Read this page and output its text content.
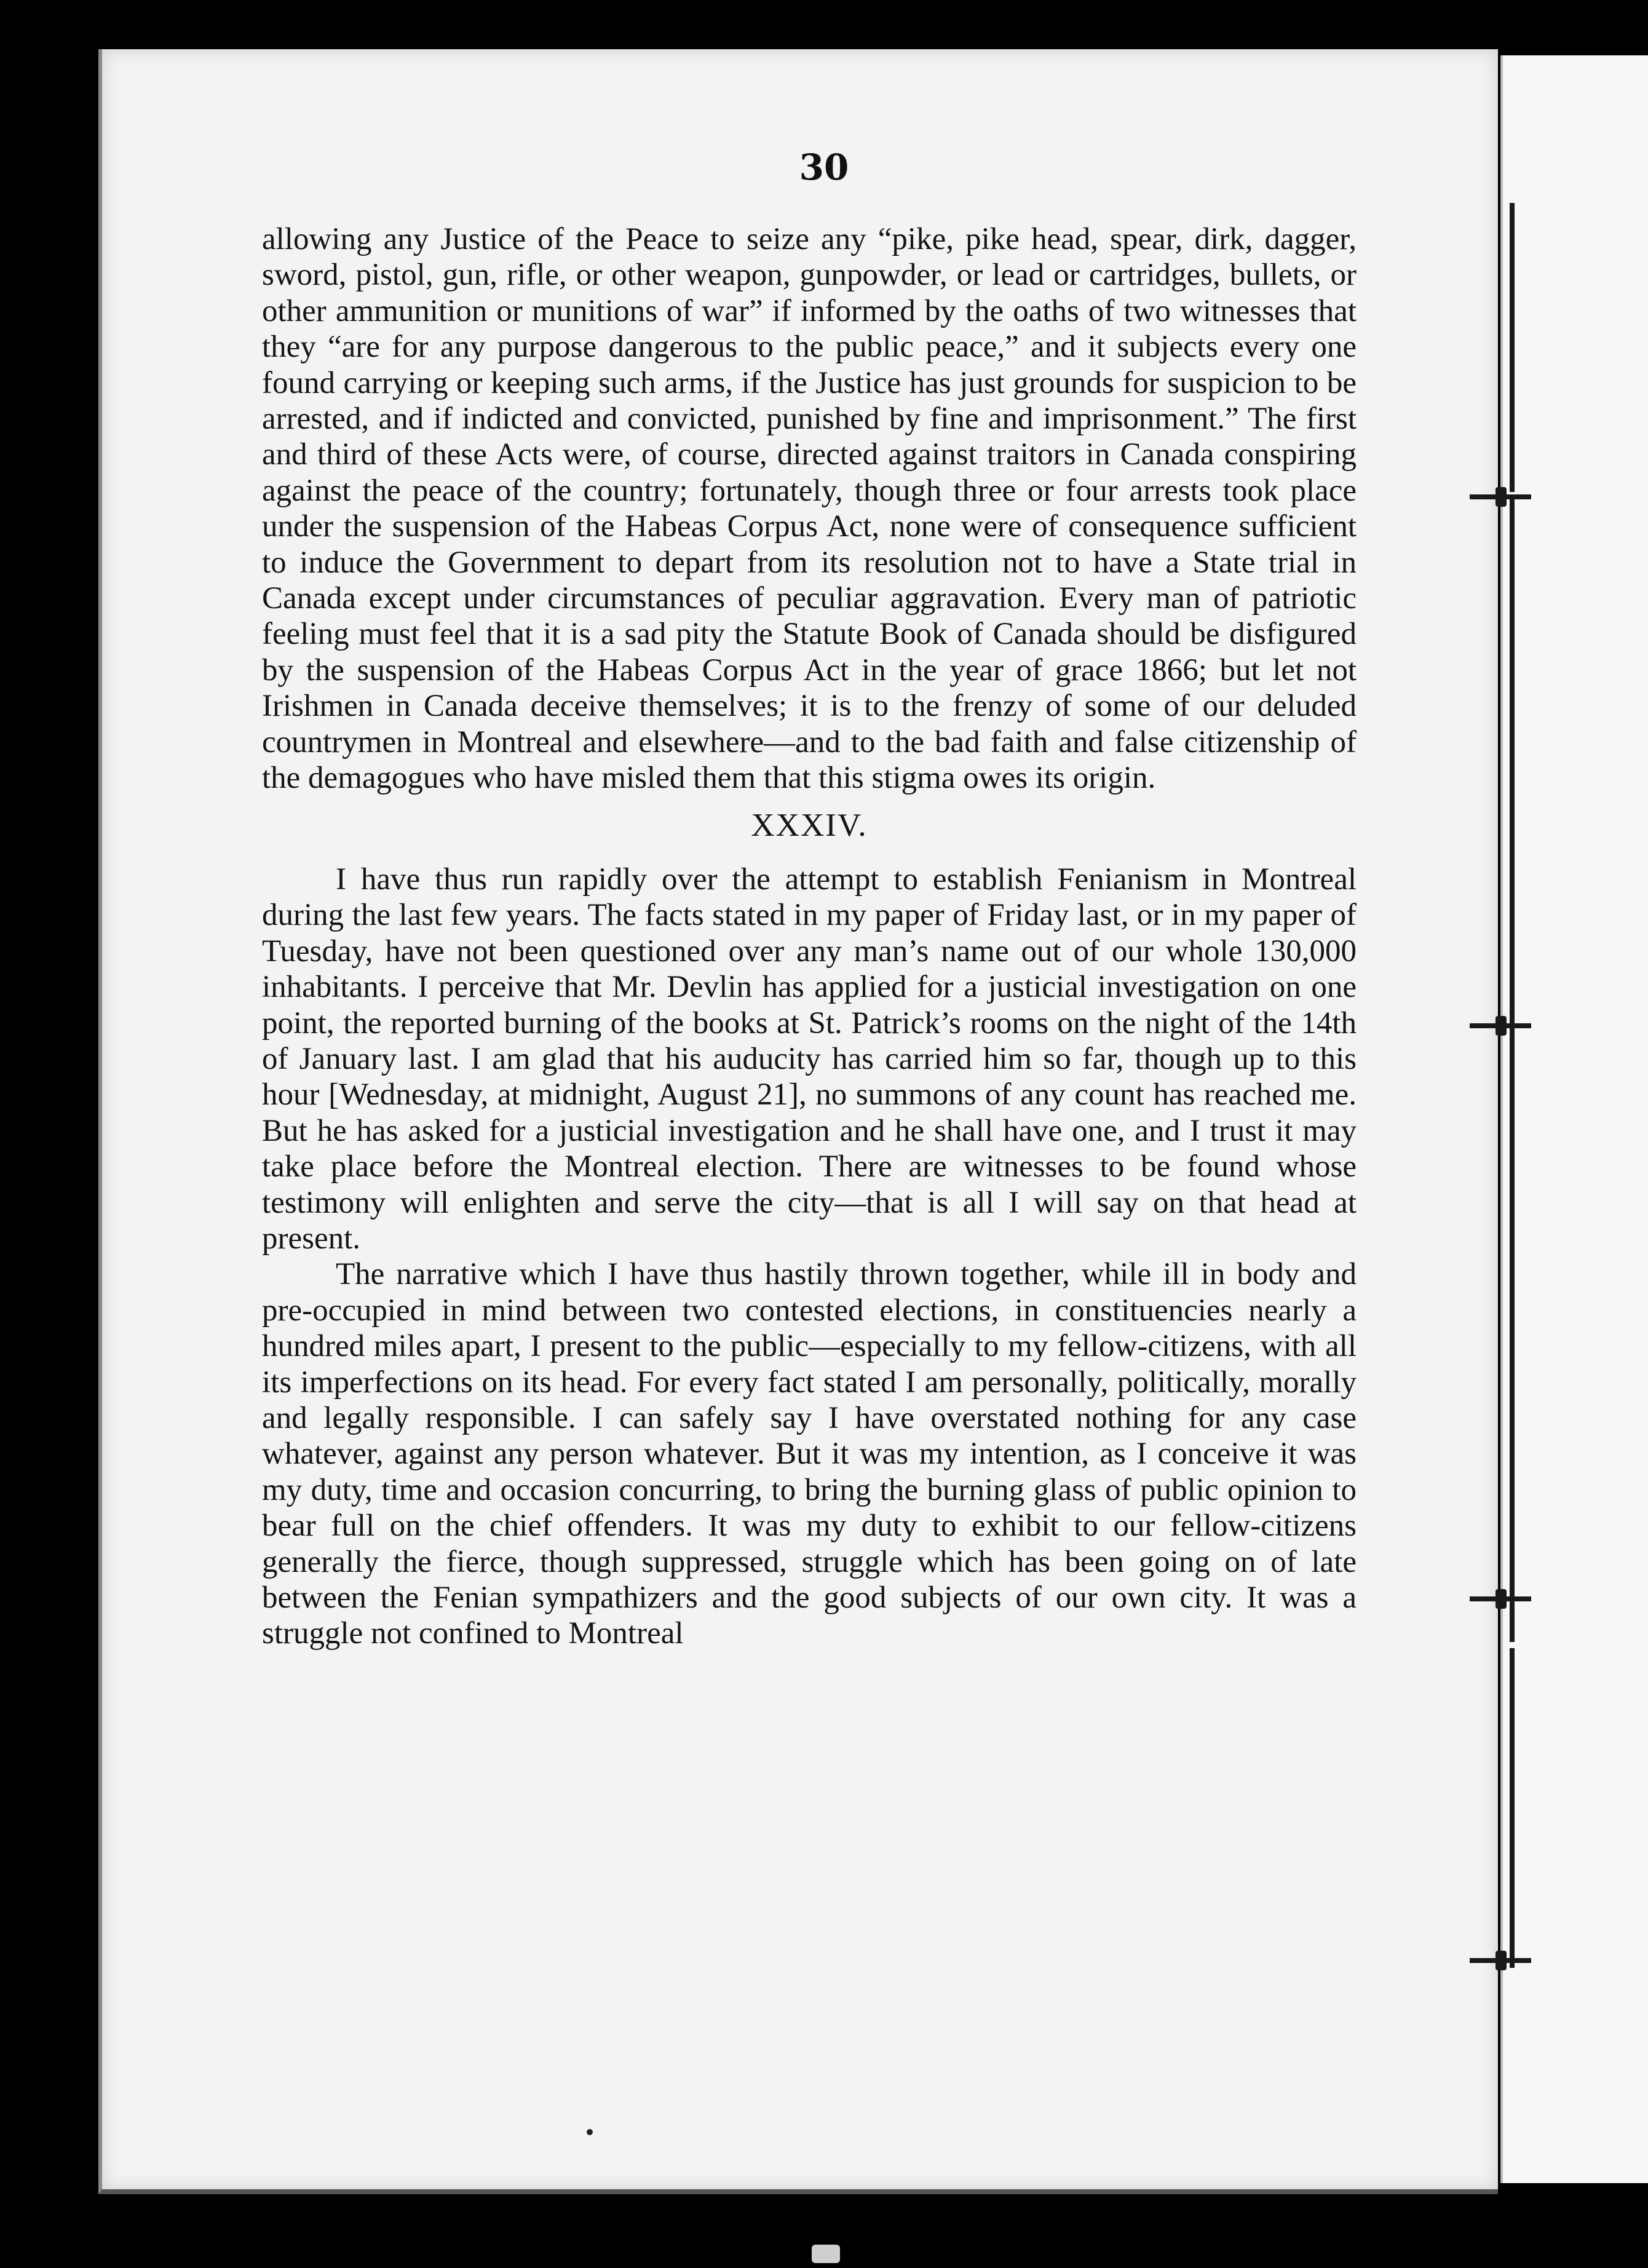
30

allowing any Justice of the Peace to seize any “pike, pike head, spear, dirk, dagger, sword, pistol, gun, rifle, or other weapon, gunpowder, or lead or cartridges, bullets, or other ammunition or munitions of war” if informed by the oaths of two witnesses that they “are for any purpose dangerous to the public peace,” and it subjects every one found carrying or keeping such arms, if the Justice has just grounds for suspicion to be arrested, and if indicted and convicted, punished by fine and imprisonment.” The first and third of these Acts were, of course, directed against traitors in Canada conspiring against the peace of the country; fortunately, though three or four arrests took place under the suspension of the Habeas Corpus Act, none were of consequence sufficient to induce the Government to depart from its resolution not to have a State trial in Canada except under circumstances of peculiar aggravation. Every man of patriotic feeling must feel that it is a sad pity the Statute Book of Canada should be disfigured by the suspension of the Habeas Corpus Act in the year of grace 1866; but let not Irishmen in Canada deceive themselves; it is to the frenzy of some of our deluded countrymen in Montreal and elsewhere—and to the bad faith and false citizenship of the demagogues who have misled them that this stigma owes its origin.

XXXIV.

I have thus run rapidly over the attempt to establish Fenianism in Montreal during the last few years. The facts stated in my paper of Friday last, or in my paper of Tuesday, have not been questioned over any man’s name out of our whole 130,000 inhabitants. I perceive that Mr. Devlin has applied for a justicial investigation on one point, the reported burning of the books at St. Patrick’s rooms on the night of the 14th of January last. I am glad that his auducity has carried him so far, though up to this hour [Wednesday, at midnight, August 21], no summons of any count has reached me. But he has asked for a justicial investigation and he shall have one, and I trust it may take place before the Montreal election. There are witnesses to be found whose testimony will enlighten and serve the city—that is all I will say on that head at present.

The narrative which I have thus hastily thrown together, while ill in body and pre-occupied in mind between two contested elections, in constituencies nearly a hundred miles apart, I present to the public—especially to my fellow-citizens, with all its imperfections on its head. For every fact stated I am personally, politically, morally and legally responsible. I can safely say I have overstated nothing for any case whatever, against any person whatever. But it was my intention, as I conceive it was my duty, time and occasion concurring, to bring the burning glass of public opinion to bear full on the chief offenders. It was my duty to exhibit to our fellow-citizens generally the fierce, though suppressed, struggle which has been going on of late between the Fenian sympathizers and the good subjects of our own city. It was a struggle not confined to Montreal
